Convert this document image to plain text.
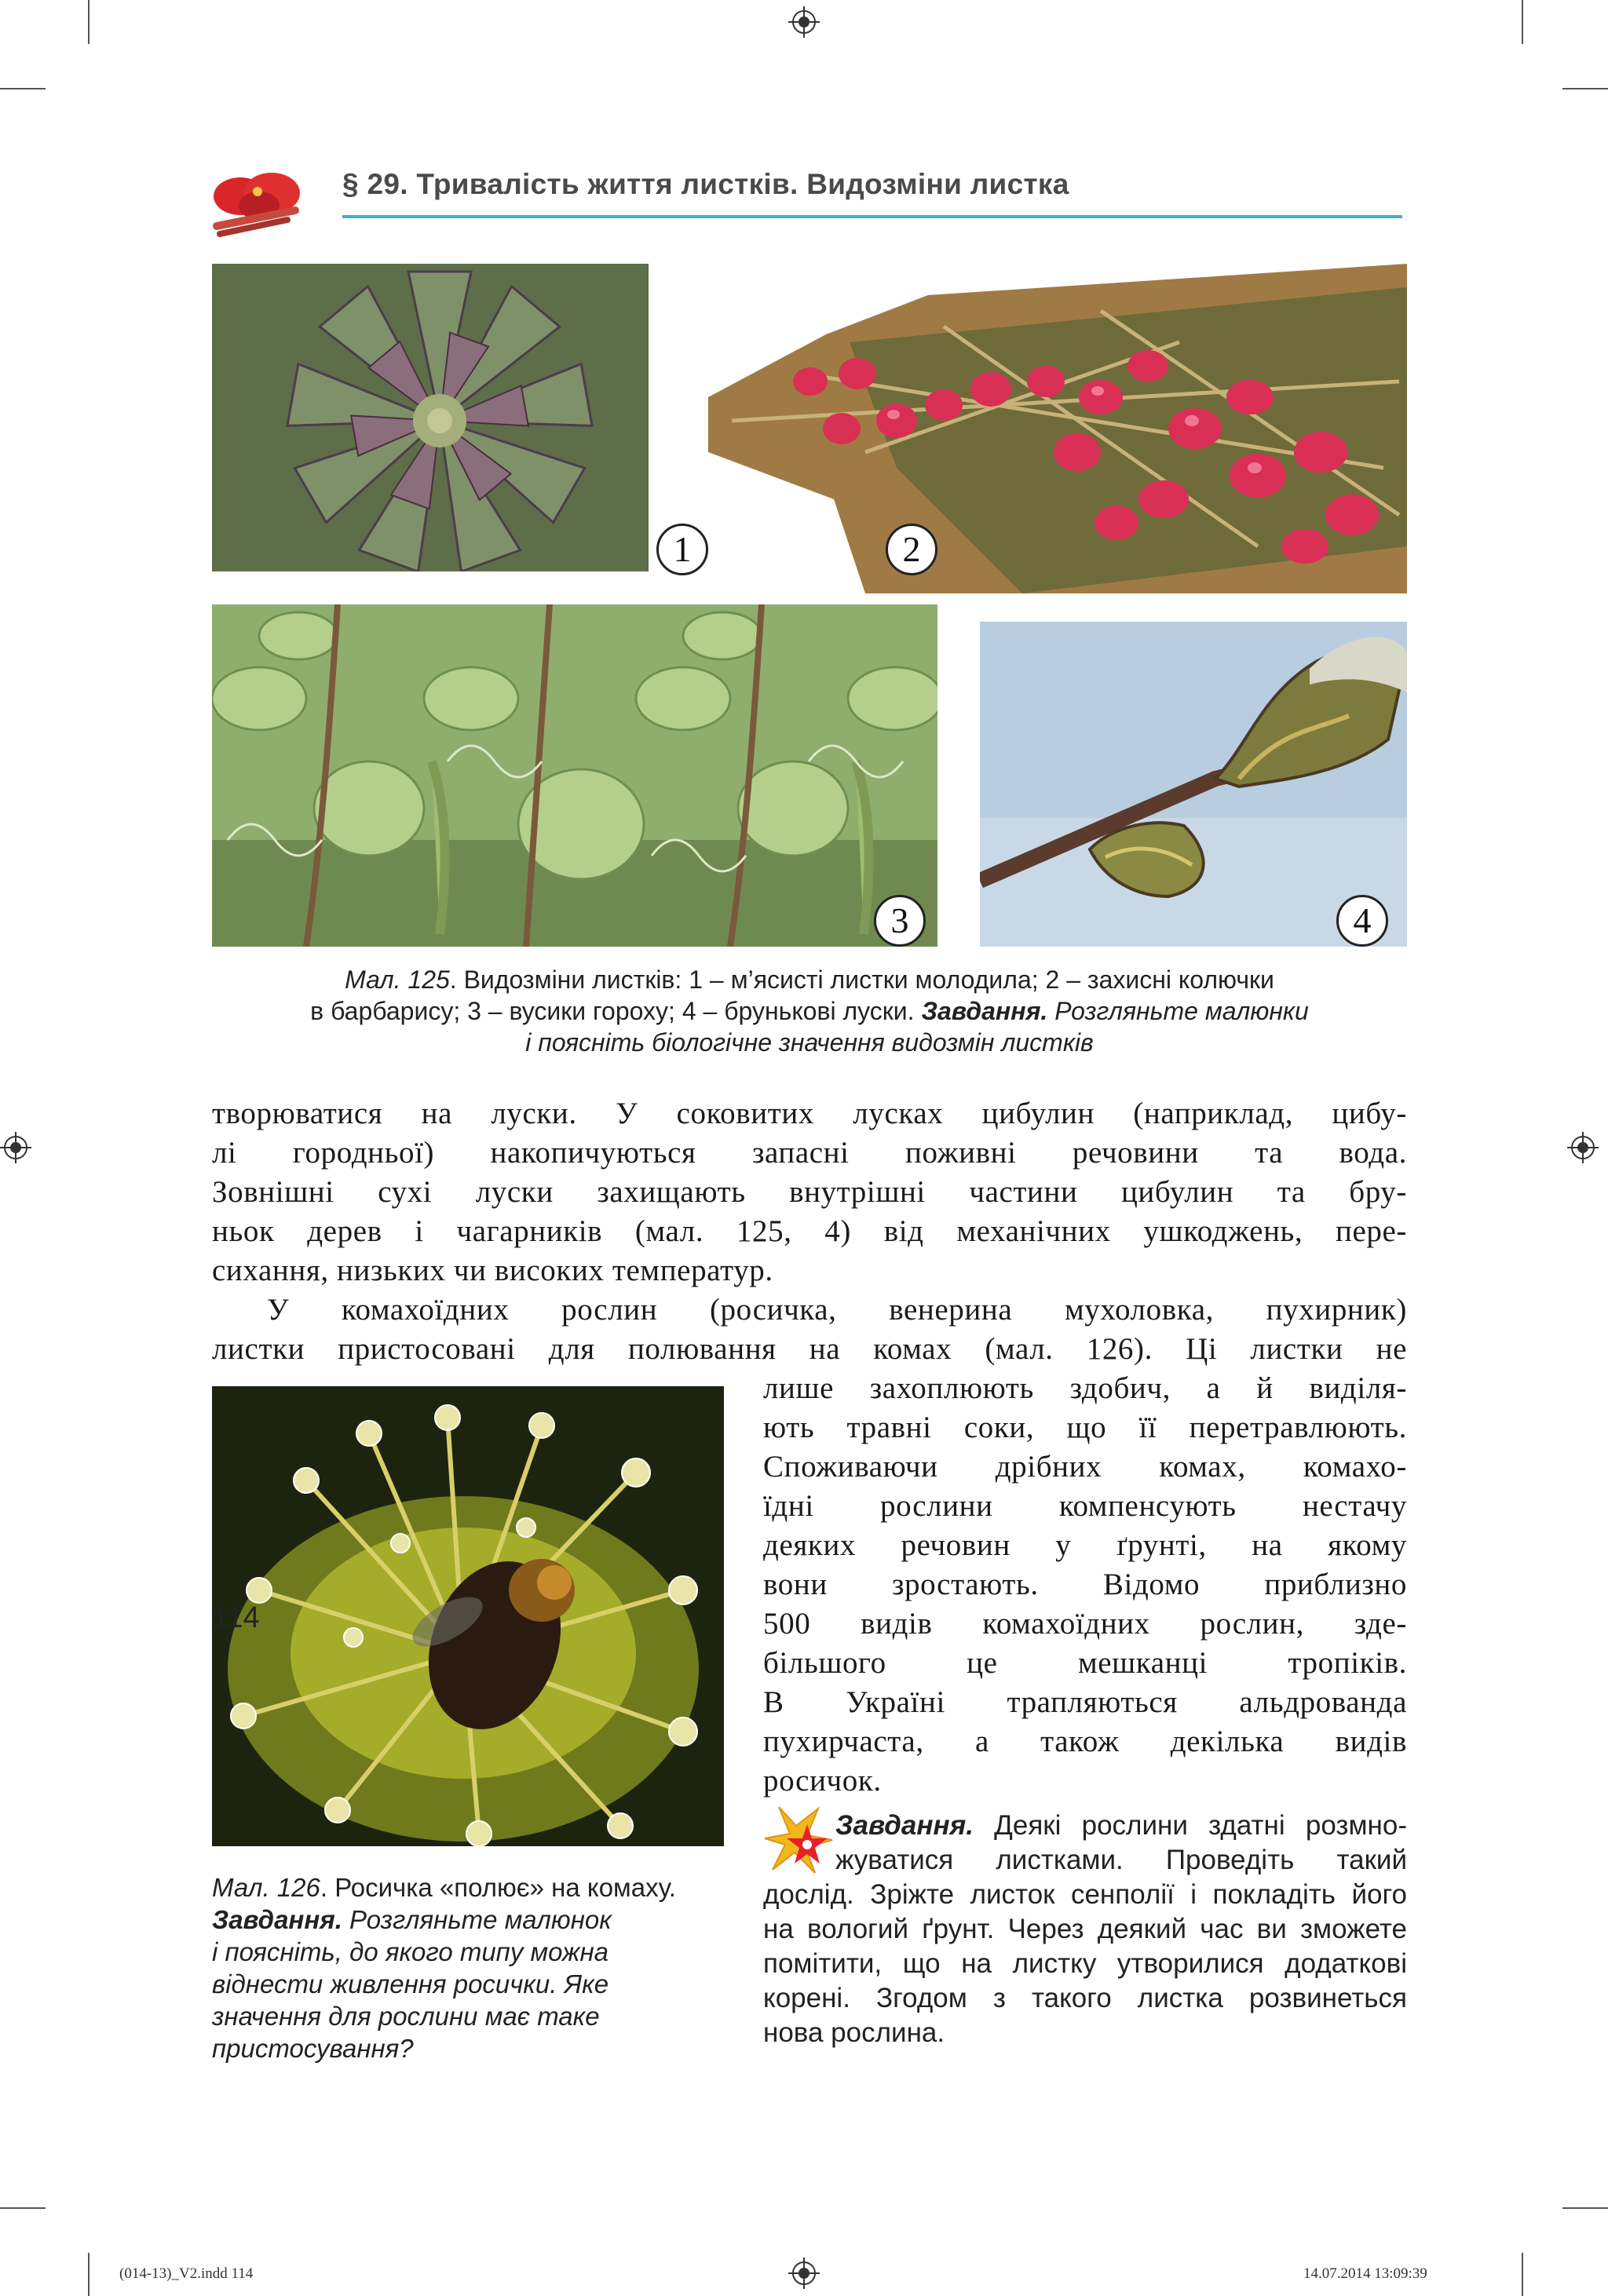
§ 29. Тривалість життя листків. Видозміни листка
1	2
3	4
Мал. 125. Видозміни листків: 1 – м’ясисті листки молодила; 2 – захисні колючки
в барбарису; 3 – вусики гороху; 4 – брунькові луски. Завдання. Розгляньте малюнки
і поясніть біологічне значення видозмін листків
творюватися на луски. У соковитих лусках цибулин (наприклад, цибу-
лі городньої) накопичуються запасні поживні речовини та вода.
Зовнішні сухі луски захищають внутрішні частини цибулин та бру-
ньок дерев і чагарників (мал. 125, 4) від механічних ушкоджень, пере-
сихання, низьких чи високих температур.
У комахоїдних рослин (росичка, венерина мухоловка, пухирник)
листки пристосовані для полювання на комах (мал. 126). Ці листки не
лише захоплюють здобич, а й виділя-
ють травні соки, що її перетравлюють.
Споживаючи дрібних комах, комахо-
їдні рослини компенсують нестачу
деяких речовин у ґрунті, на якому
вони зростають. Відомо приблизно
500 видів комахоїдних рослин, зде-
більшого це мешканці тропіків.
В Україні трапляються альдрованда
пухирчаста, а також декілька видів
росичок.
Мал. 126. Росичка «полює» на комаху.
Завдання. Розгляньте малюнок
і поясніть, до якого типу можна
віднести живлення росички. Яке
значення для рослини має таке
пристосування?
Завдання. Деякі рослини здатні розмно-
жуватися листками. Проведіть такий
дослід. Зріжте листок сенполії і покладіть його
на вологий ґрунт. Через деякий час ви зможете
помітити, що на листку утворилися додаткові
корені. Згодом з такого листка розвинеться
нова рослина.
114
(014-13)_V2.indd 114	14.07.2014 13:09:39
